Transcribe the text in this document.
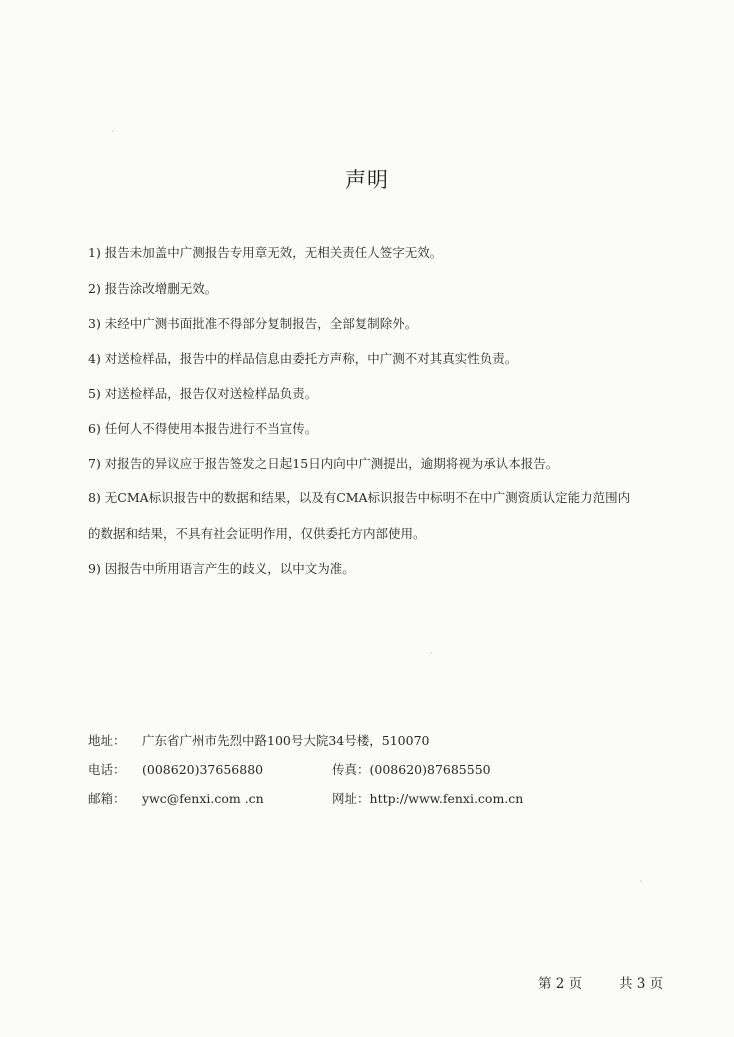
声明
1) 报告未加盖中广测报告专用章无效，无相关责任人签字无效。
2) 报告涂改增删无效。
3) 未经中广测书面批准不得部分复制报告，全部复制除外。
4) 对送检样品，报告中的样品信息由委托方声称，中广测不对其真实性负责。
5) 对送检样品，报告仅对送检样品负责。
6) 任何人不得使用本报告进行不当宣传。
7) 对报告的异议应于报告签发之日起15日内向中广测提出，逾期将视为承认本报告。
8) 无CMA标识报告中的数据和结果，以及有CMA标识报告中标明不在中广测资质认定能力范围内
的数据和结果，不具有社会证明作用，仅供委托方内部使用。
9) 因报告中所用语言产生的歧义，以中文为准。
地址： 广东省广州市先烈中路100号大院34号楼，510070
电话： (008620)37656880	传真：(008620)87685550
邮箱： ywc@fenxi.com .cn	网址：http://www.fenxi.com.cn
第 2 页	共 3 页
